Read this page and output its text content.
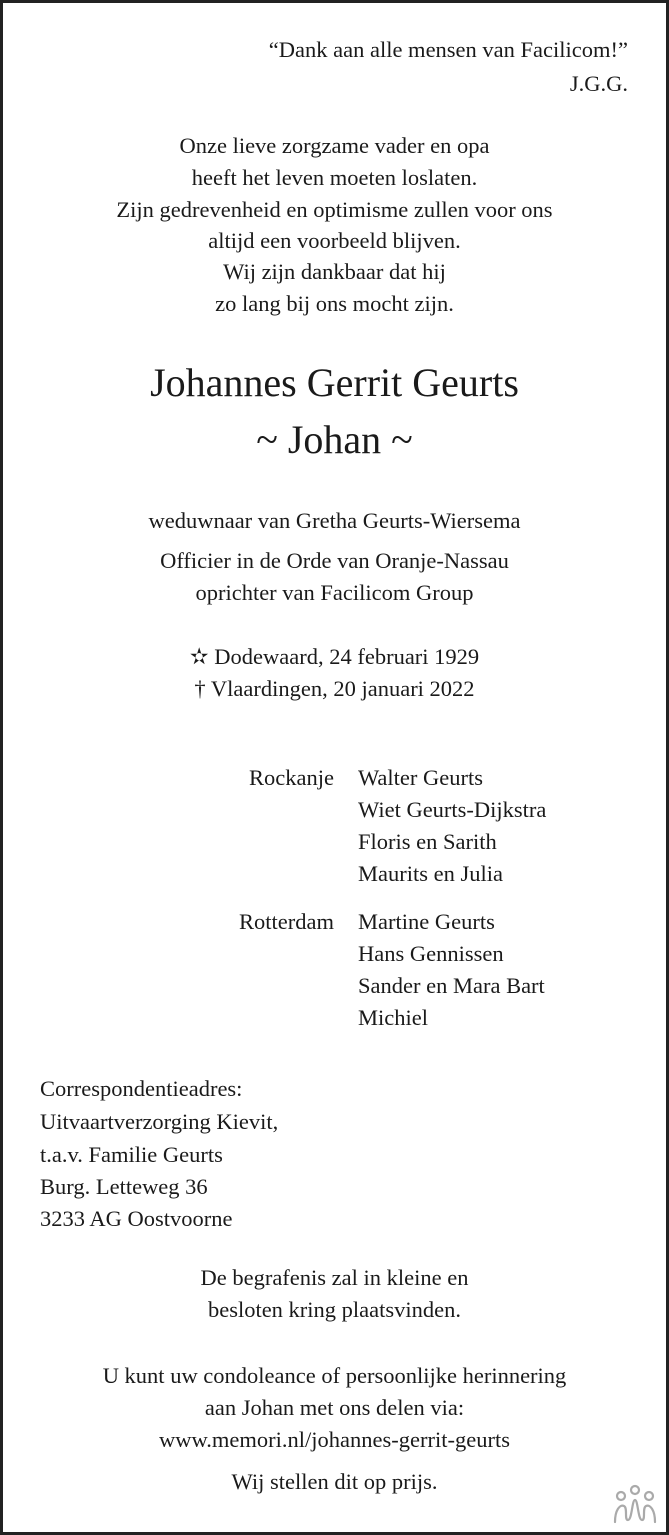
“Dank aan alle mensen van Facilicom!”
J.G.G.
Onze lieve zorgzame vader en opa
heeft het leven moeten loslaten.
Zijn gedrevenheid en optimisme zullen voor ons
altijd een voorbeeld blijven.
Wij zijn dankbaar dat hij
zo lang bij ons mocht zijn.
Johannes Gerrit Geurts
~ Johan ~
weduwnaar van Gretha Geurts-Wiersema
Officier in de Orde van Oranje-Nassau
oprichter van Facilicom Group
✫ Dodewaard, 24 februari 1929
† Vlaardingen, 20 januari 2022
Rockanje Walter Geurts
Wiet Geurts-Dijkstra
Floris en Sarith
Maurits en Julia
Rotterdam Martine Geurts
Hans Gennissen
Sander en Mara Bart
Michiel
Correspondentieadres:
Uitvaartverzorging Kievit,
t.a.v. Familie Geurts
Burg. Letteweg 36
3233 AG Oostvoorne
De begrafenis zal in kleine en
besloten kring plaatsvinden.
U kunt uw condoleance of persoonlijke herinnering
aan Johan met ons delen via:
www.memori.nl/johannes-gerrit-geurts
Wij stellen dit op prijs.
